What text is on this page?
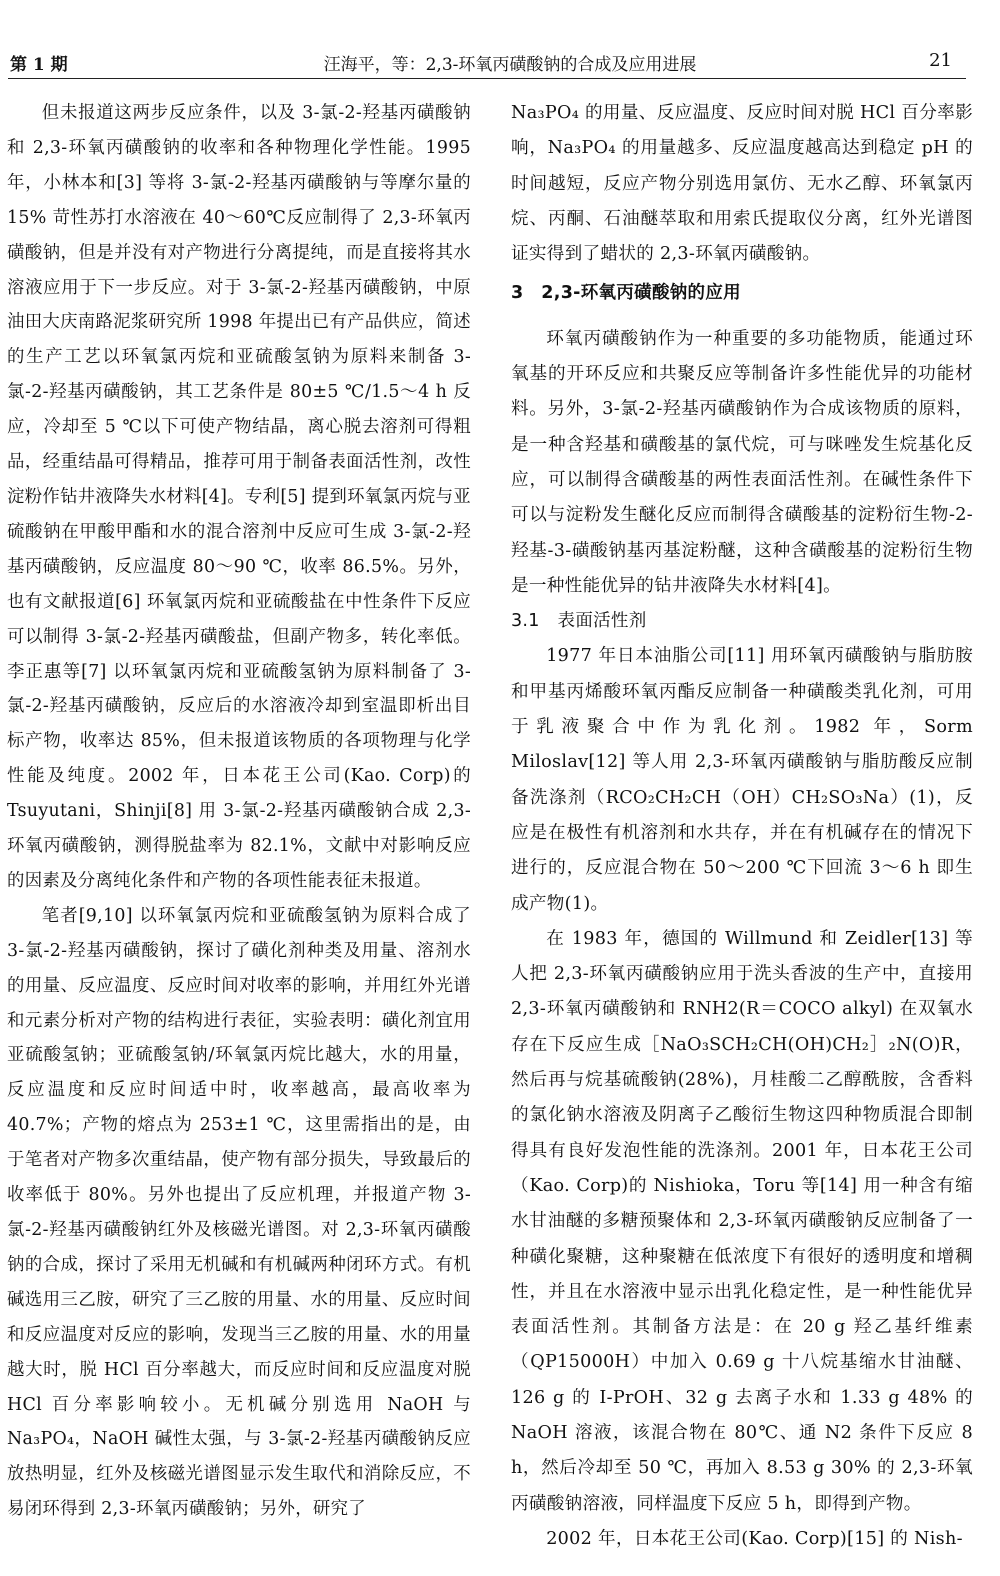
第 1 期	汪海平，等：2,3-环氧丙磺酸钠的合成及应用进展	21

但未报道这两步反应条件，以及 3-氯-2-羟基丙磺酸钠和 2,3-环氧丙磺酸钠的收率和各种物理化学性能。1995 年，小林本和[3] 等将 3-氯-2-羟基丙磺酸钠与等摩尔量的 15% 苛性苏打水溶液在 40～60℃反应制得了 2,3-环氧丙磺酸钠，但是并没有对产物进行分离提纯，而是直接将其水溶液应用于下一步反应。对于 3-氯-2-羟基丙磺酸钠，中原油田大庆南路泥浆研究所 1998 年提出已有产品供应，简述的生产工艺以环氧氯丙烷和亚硫酸氢钠为原料来制备 3-氯-2-羟基丙磺酸钠，其工艺条件是 80±5 ℃/1.5～4 h 反应，冷却至 5 ℃以下可使产物结晶，离心脱去溶剂可得粗品，经重结晶可得精品，推荐可用于制备表面活性剂，改性淀粉作钻井液降失水材料[4]。专利[5] 提到环氧氯丙烷与亚硫酸钠在甲酸甲酯和水的混合溶剂中反应可生成 3-氯-2-羟基丙磺酸钠，反应温度 80～90 ℃，收率 86.5%。另外，也有文献报道[6] 环氧氯丙烷和亚硫酸盐在中性条件下反应可以制得 3-氯-2-羟基丙磺酸盐，但副产物多，转化率低。李正惠等[7] 以环氧氯丙烷和亚硫酸氢钠为原料制备了 3-氯-2-羟基丙磺酸钠，反应后的水溶液冷却到室温即析出目标产物，收率达 85%，但未报道该物质的各项物理与化学性能及纯度。2002 年，日本花王公司(Kao. Corp)的 Tsuyutani，Shinji[8] 用 3-氯-2-羟基丙磺酸钠合成 2,3-环氧丙磺酸钠，测得脱盐率为 82.1%，文献中对影响反应的因素及分离纯化条件和产物的各项性能表征未报道。

笔者[9,10] 以环氧氯丙烷和亚硫酸氢钠为原料合成了 3-氯-2-羟基丙磺酸钠，探讨了磺化剂种类及用量、溶剂水的用量、反应温度、反应时间对收率的影响，并用红外光谱和元素分析对产物的结构进行表征，实验表明：磺化剂宜用亚硫酸氢钠；亚硫酸氢钠/环氧氯丙烷比越大，水的用量，反应温度和反应时间适中时，收率越高，最高收率为 40.7%；产物的熔点为 253±1 ℃，这里需指出的是，由于笔者对产物多次重结晶，使产物有部分损失，导致最后的收率低于 80%。另外也提出了反应机理，并报道产物 3-氯-2-羟基丙磺酸钠红外及核磁光谱图。对 2,3-环氧丙磺酸钠的合成，探讨了采用无机碱和有机碱两种闭环方式。有机碱选用三乙胺，研究了三乙胺的用量、水的用量、反应时间和反应温度对反应的影响，发现当三乙胺的用量、水的用量越大时，脱 HCl 百分率越大，而反应时间和反应温度对脱 HCl 百分率影响较小。无机碱分别选用 NaOH 与 Na₃PO₄，NaOH 碱性太强，与 3-氯-2-羟基丙磺酸钠反应放热明显，红外及核磁光谱图显示发生取代和消除反应，不易闭环得到 2,3-环氧丙磺酸钠；另外，研究了

Na₃PO₄ 的用量、反应温度、反应时间对脱 HCl 百分率影响，Na₃PO₄ 的用量越多、反应温度越高达到稳定 pH 的时间越短，反应产物分别选用氯仿、无水乙醇、环氧氯丙烷、丙酮、石油醚萃取和用索氏提取仪分离，红外光谱图证实得到了蜡状的 2,3-环氧丙磺酸钠。

3　2,3-环氧丙磺酸钠的应用

环氧丙磺酸钠作为一种重要的多功能物质，能通过环氧基的开环反应和共聚反应等制备许多性能优异的功能材料。另外，3-氯-2-羟基丙磺酸钠作为合成该物质的原料，是一种含羟基和磺酸基的氯代烷，可与咪唑发生烷基化反应，可以制得含磺酸基的两性表面活性剂。在碱性条件下可以与淀粉发生醚化反应而制得含磺酸基的淀粉衍生物-2-羟基-3-磺酸钠基丙基淀粉醚，这种含磺酸基的淀粉衍生物是一种性能优异的钻井液降失水材料[4]。

3.1　表面活性剂

1977 年日本油脂公司[11] 用环氧丙磺酸钠与脂肪胺和甲基丙烯酸环氧丙酯反应制备一种磺酸类乳化剂，可用于乳液聚合中作为乳化剂。1982 年，Sorm Miloslav[12] 等人用 2,3-环氧丙磺酸钠与脂肪酸反应制备洗涤剂（RCO₂CH₂CH（OH）CH₂SO₃Na）(1)，反应是在极性有机溶剂和水共存，并在有机碱存在的情况下进行的，反应混合物在 50～200 ℃下回流 3～6 h 即生成产物(1)。

在 1983 年，德国的 Willmund 和 Zeidler[13] 等人把 2,3-环氧丙磺酸钠应用于洗头香波的生产中，直接用 2,3-环氧丙磺酸钠和 RNH2(R＝COCO alkyl) 在双氧水存在下反应生成［NaO₃SCH₂CH(OH)CH₂］₂N(O)R，然后再与烷基硫酸钠(28%)，月桂酸二乙醇酰胺，含香料的氯化钠水溶液及阴离子乙酸衍生物这四种物质混合即制得具有良好发泡性能的洗涤剂。2001 年，日本花王公司（Kao. Corp)的 Nishioka，Toru 等[14] 用一种含有缩水甘油醚的多糖预聚体和 2,3-环氧丙磺酸钠反应制备了一种磺化聚糖，这种聚糖在低浓度下有很好的透明度和增稠性，并且在水溶液中显示出乳化稳定性，是一种性能优异表面活性剂。其制备方法是：在 20 g 羟乙基纤维素（QP15000H）中加入 0.69 g 十八烷基缩水甘油醚、126 g 的 I-PrOH、32 g 去离子水和 1.33 g 48% 的 NaOH 溶液，该混合物在 80℃、通 N2 条件下反应 8 h，然后冷却至 50 ℃，再加入 8.53 g 30% 的 2,3-环氧丙磺酸钠溶液，同样温度下反应 5 h，即得到产物。

2002 年，日本花王公司(Kao. Corp)[15] 的 Nish-
